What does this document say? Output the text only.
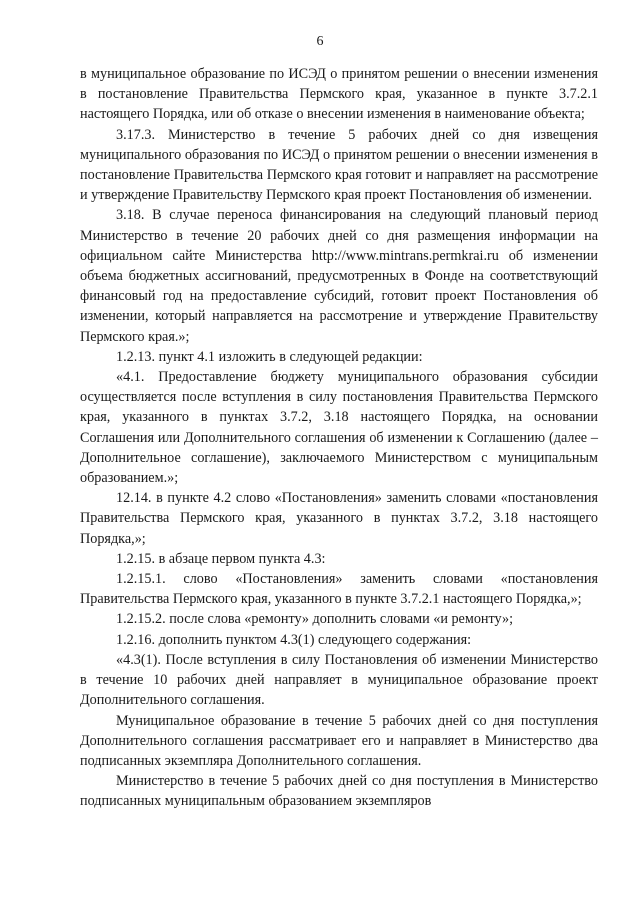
6

в муниципальное образование по ИСЭД о принятом решении о внесении изменения в постановление Правительства Пермского края, указанное в пункте 3.7.2.1 настоящего Порядка, или об отказе о внесении изменения в наименование объекта;

3.17.3. Министерство в течение 5 рабочих дней со дня извещения муниципального образования по ИСЭД о принятом решении о внесении изменения в постановление Правительства Пермского края готовит и направляет на рассмотрение и утверждение Правительству Пермского края проект Постановления об изменении.

3.18. В случае переноса финансирования на следующий плановый период Министерство в течение 20 рабочих дней со дня размещения информации на официальном сайте Министерства http://www.mintrans.permkrai.ru об изменении объема бюджетных ассигнований, предусмотренных в Фонде на соответствующий финансовый год на предоставление субсидий, готовит проект Постановления об изменении, который направляется на рассмотрение и утверждение Правительству Пермского края.»;

1.2.13. пункт 4.1 изложить в следующей редакции:

«4.1. Предоставление бюджету муниципального образования субсидии осуществляется после вступления в силу постановления Правительства Пермского края, указанного в пунктах 3.7.2, 3.18 настоящего Порядка, на основании Соглашения или Дополнительного соглашения об изменении к Соглашению (далее – Дополнительное соглашение), заключаемого Министерством с муниципальным образованием.»;

12.14. в пункте 4.2 слово «Постановления» заменить словами «постановления Правительства Пермского края, указанного в пунктах 3.7.2, 3.18 настоящего Порядка,»;

1.2.15. в абзаце первом пункта 4.3:

1.2.15.1. слово «Постановления» заменить словами «постановления Правительства Пермского края, указанного в пункте 3.7.2.1 настоящего Порядка,»;

1.2.15.2. после слова «ремонту» дополнить словами «и ремонту»;

1.2.16. дополнить пунктом 4.3(1) следующего содержания:

«4.3(1). После вступления в силу Постановления об изменении Министерство в течение 10 рабочих дней направляет в муниципальное образование проект Дополнительного соглашения.

Муниципальное образование в течение 5 рабочих дней со дня поступления Дополнительного соглашения рассматривает его и направляет в Министерство два подписанных экземпляра Дополнительного соглашения.

Министерство в течение 5 рабочих дней со дня поступления в Министерство подписанных муниципальным образованием экземпляров
